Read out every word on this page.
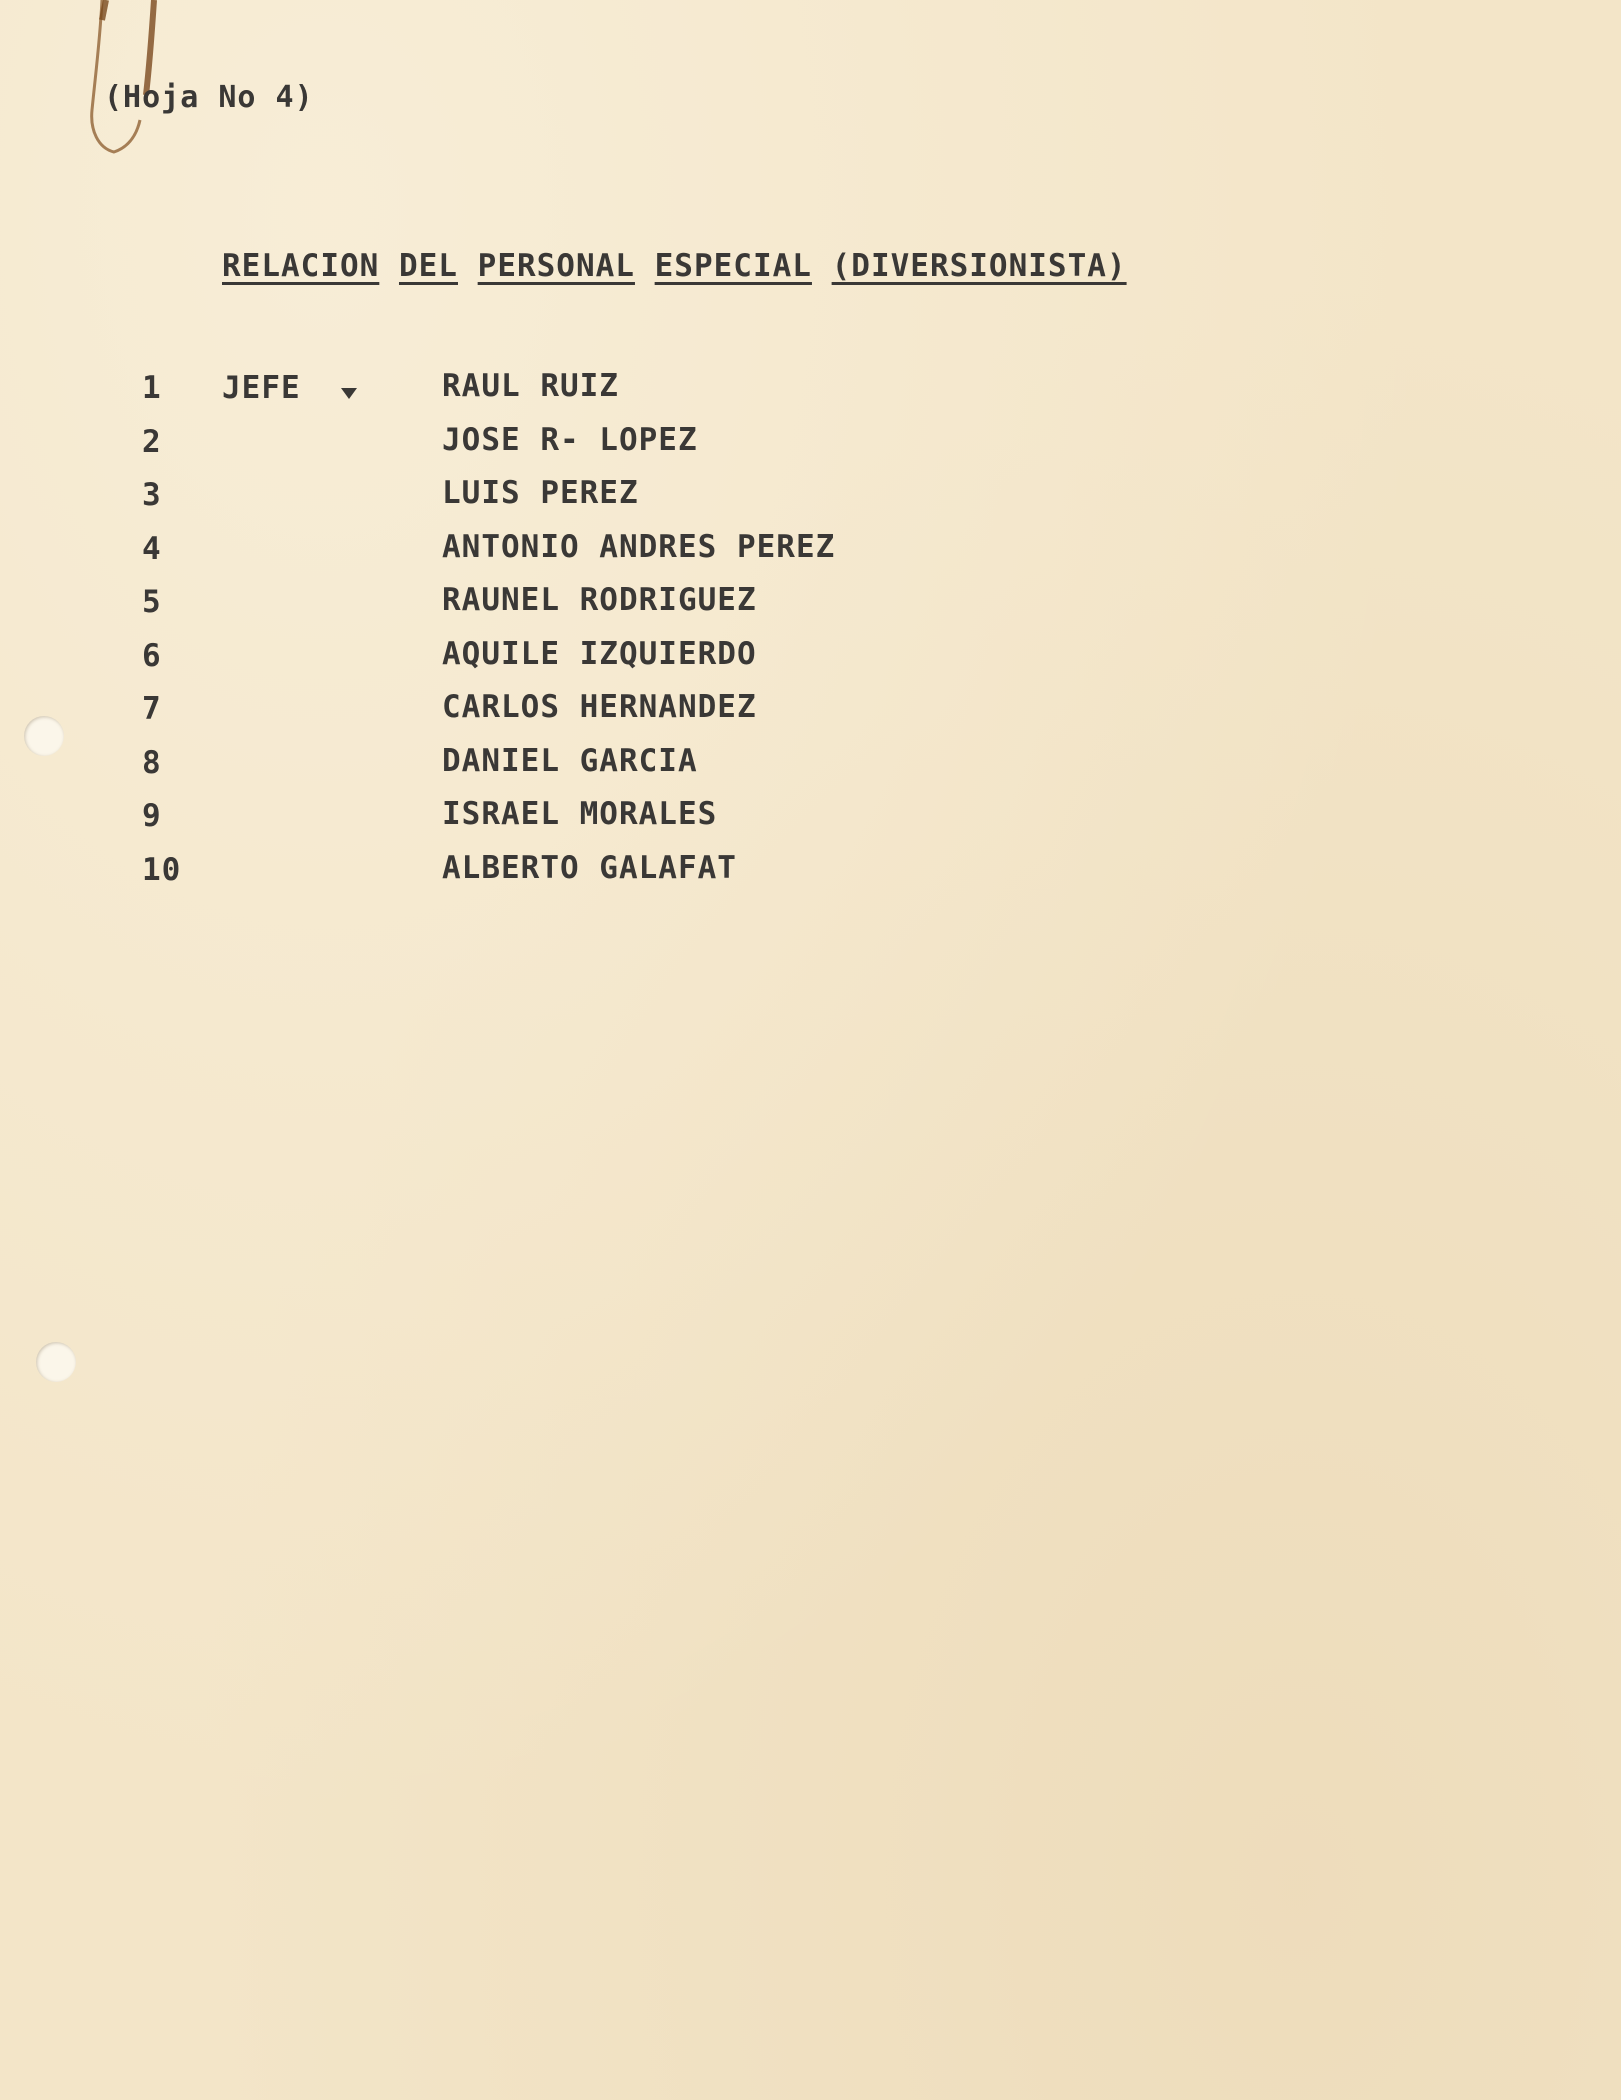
(Hoja No 4)
RELACION DEL PERSONAL ESPECIAL (DIVERSIONISTA)
1 JEFE	RAUL RUIZ
2	JOSE R- LOPEZ
3	LUIS PEREZ
4	ANTONIO ANDRES PEREZ
5	RAUNEL RODRIGUEZ
6	AQUILE IZQUIERDO
7	CARLOS HERNANDEZ
8	DANIEL GARCIA
9	ISRAEL MORALES
10	ALBERTO GALAFAT
